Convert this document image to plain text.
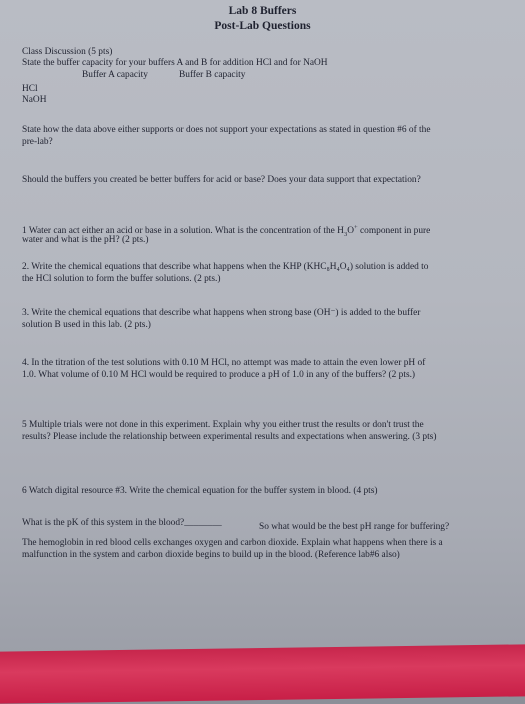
Lab 8 Buffers
Post-Lab Questions
Class Discussion (5 pts)
State the buffer capacity for your buffers A and B for addition HCl and for NaOH
Buffer A capacity	Buffer B capacity
HCl
NaOH
State how the data above either supports or does not support your expectations as stated in question #6 of the
pre-lab?
Should the buffers you created be better buffers for acid or base? Does your data support that expectation?
1 Water can act either an acid or base in a solution. What is the concentration of the $H_3O^+$ component in pure
water and what is the pH? (2 pts.)
2. Write the chemical equations that describe what happens when the KHP (KHC₈H₄O₄) solution is added to
the HCl solution to form the buffer solutions. (2 pts.)
3. Write the chemical equations that describe what happens when strong base (OH⁻) is added to the buffer
solution B used in this lab. (2 pts.)
4. In the titration of the test solutions with 0.10 M HCl, no attempt was made to attain the even lower pH of
1.0. What volume of 0.10 M HCl would be required to produce a pH of 1.0 in any of the buffers? (2 pts.)
5 Multiple trials were not done in this experiment. Explain why you either trust the results or don't trust the
results? Please include the relationship between experimental results and expectations when answering. (3 pts)
6 Watch digital resource #3. Write the chemical equation for the buffer system in blood. (4 pts)
What is the pK of this system in the blood?________	So what would be the best pH range for buffering?
The hemoglobin in red blood cells exchanges oxygen and carbon dioxide. Explain what happens when there is a
malfunction in the system and carbon dioxide begins to build up in the blood. (Reference lab#6 also)
